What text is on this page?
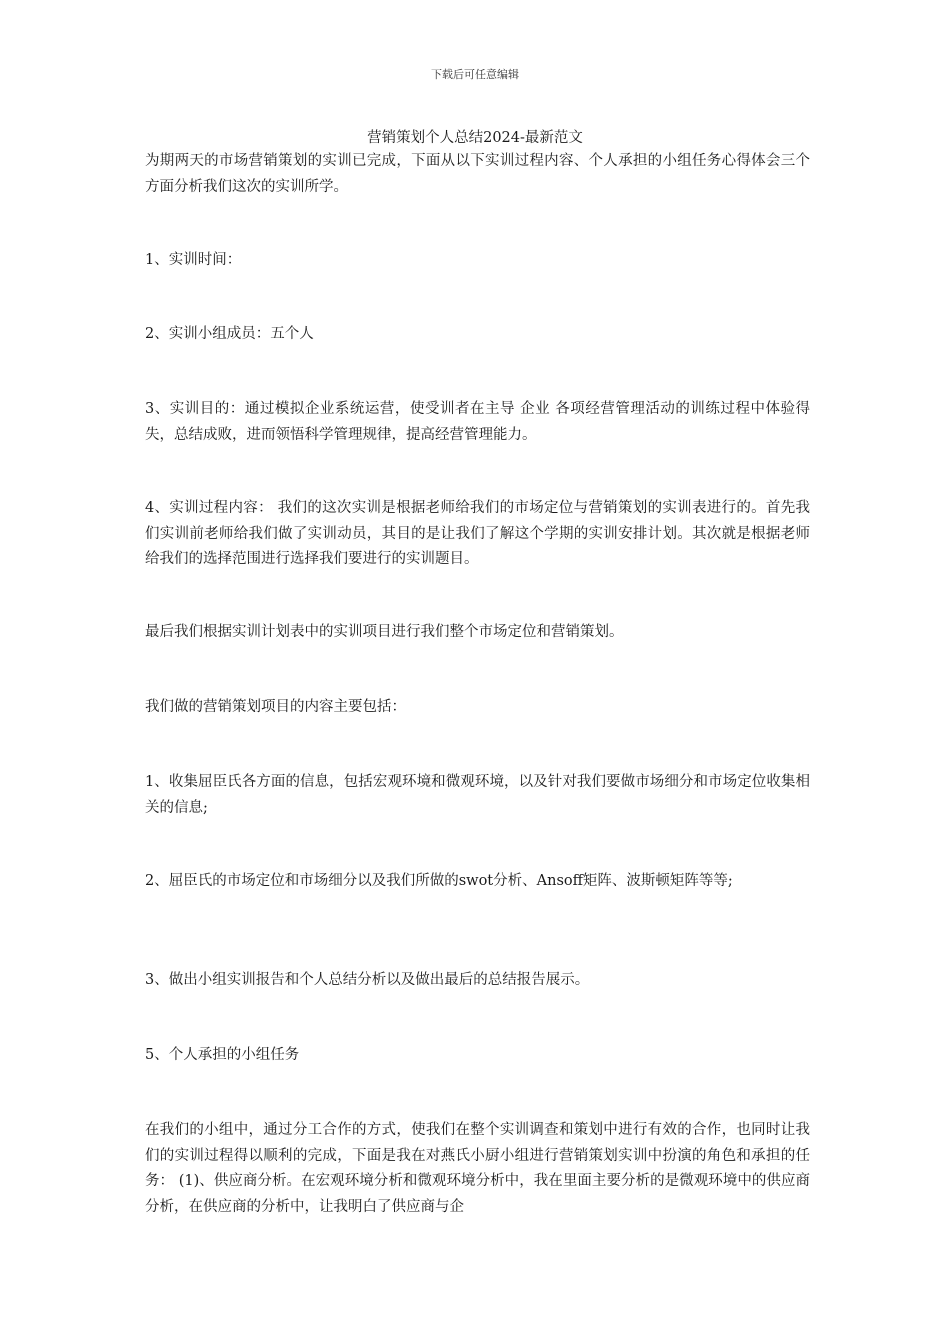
下载后可任意编辑
营销策划个人总结2024-最新范文

为期两天的市场营销策划的实训已完成，下面从以下实训过程内容、个人承担的小组任务心得体会三个方面分析我们这次的实训所学。

1、实训时间：

2、实训小组成员：五个人

3、实训目的：通过模拟企业系统运营，使受训者在主导 企业 各项经营管理活动的训练过程中体验得失，总结成败，进而领悟科学管理规律，提高经营管理能力。

4、实训过程内容： 我们的这次实训是根据老师给我们的市场定位与营销策划的实训表进行的。首先我们实训前老师给我们做了实训动员，其目的是让我们了解这个学期的实训安排计划。其次就是根据老师给我们的选择范围进行选择我们要进行的实训题目。

最后我们根据实训计划表中的实训项目进行我们整个市场定位和营销策划。

我们做的营销策划项目的内容主要包括：

1、收集屈臣氏各方面的信息，包括宏观环境和微观环境，以及针对我们要做市场细分和市场定位收集相关的信息;

2、屈臣氏的市场定位和市场细分以及我们所做的swot分析、Ansoff矩阵、波斯顿矩阵等等;

3、做出小组实训报告和个人总结分析以及做出最后的总结报告展示。

5、个人承担的小组任务

在我们的小组中，通过分工合作的方式，使我们在整个实训调查和策划中进行有效的合作，也同时让我们的实训过程得以顺利的完成，下面是我在对燕氏小厨小组进行营销策划实训中扮演的角色和承担的任务： (1)、供应商分析。在宏观环境分析和微观环境分析中，我在里面主要分析的是微观环境中的供应商分析，在供应商的分析中，让我明白了供应商与企
